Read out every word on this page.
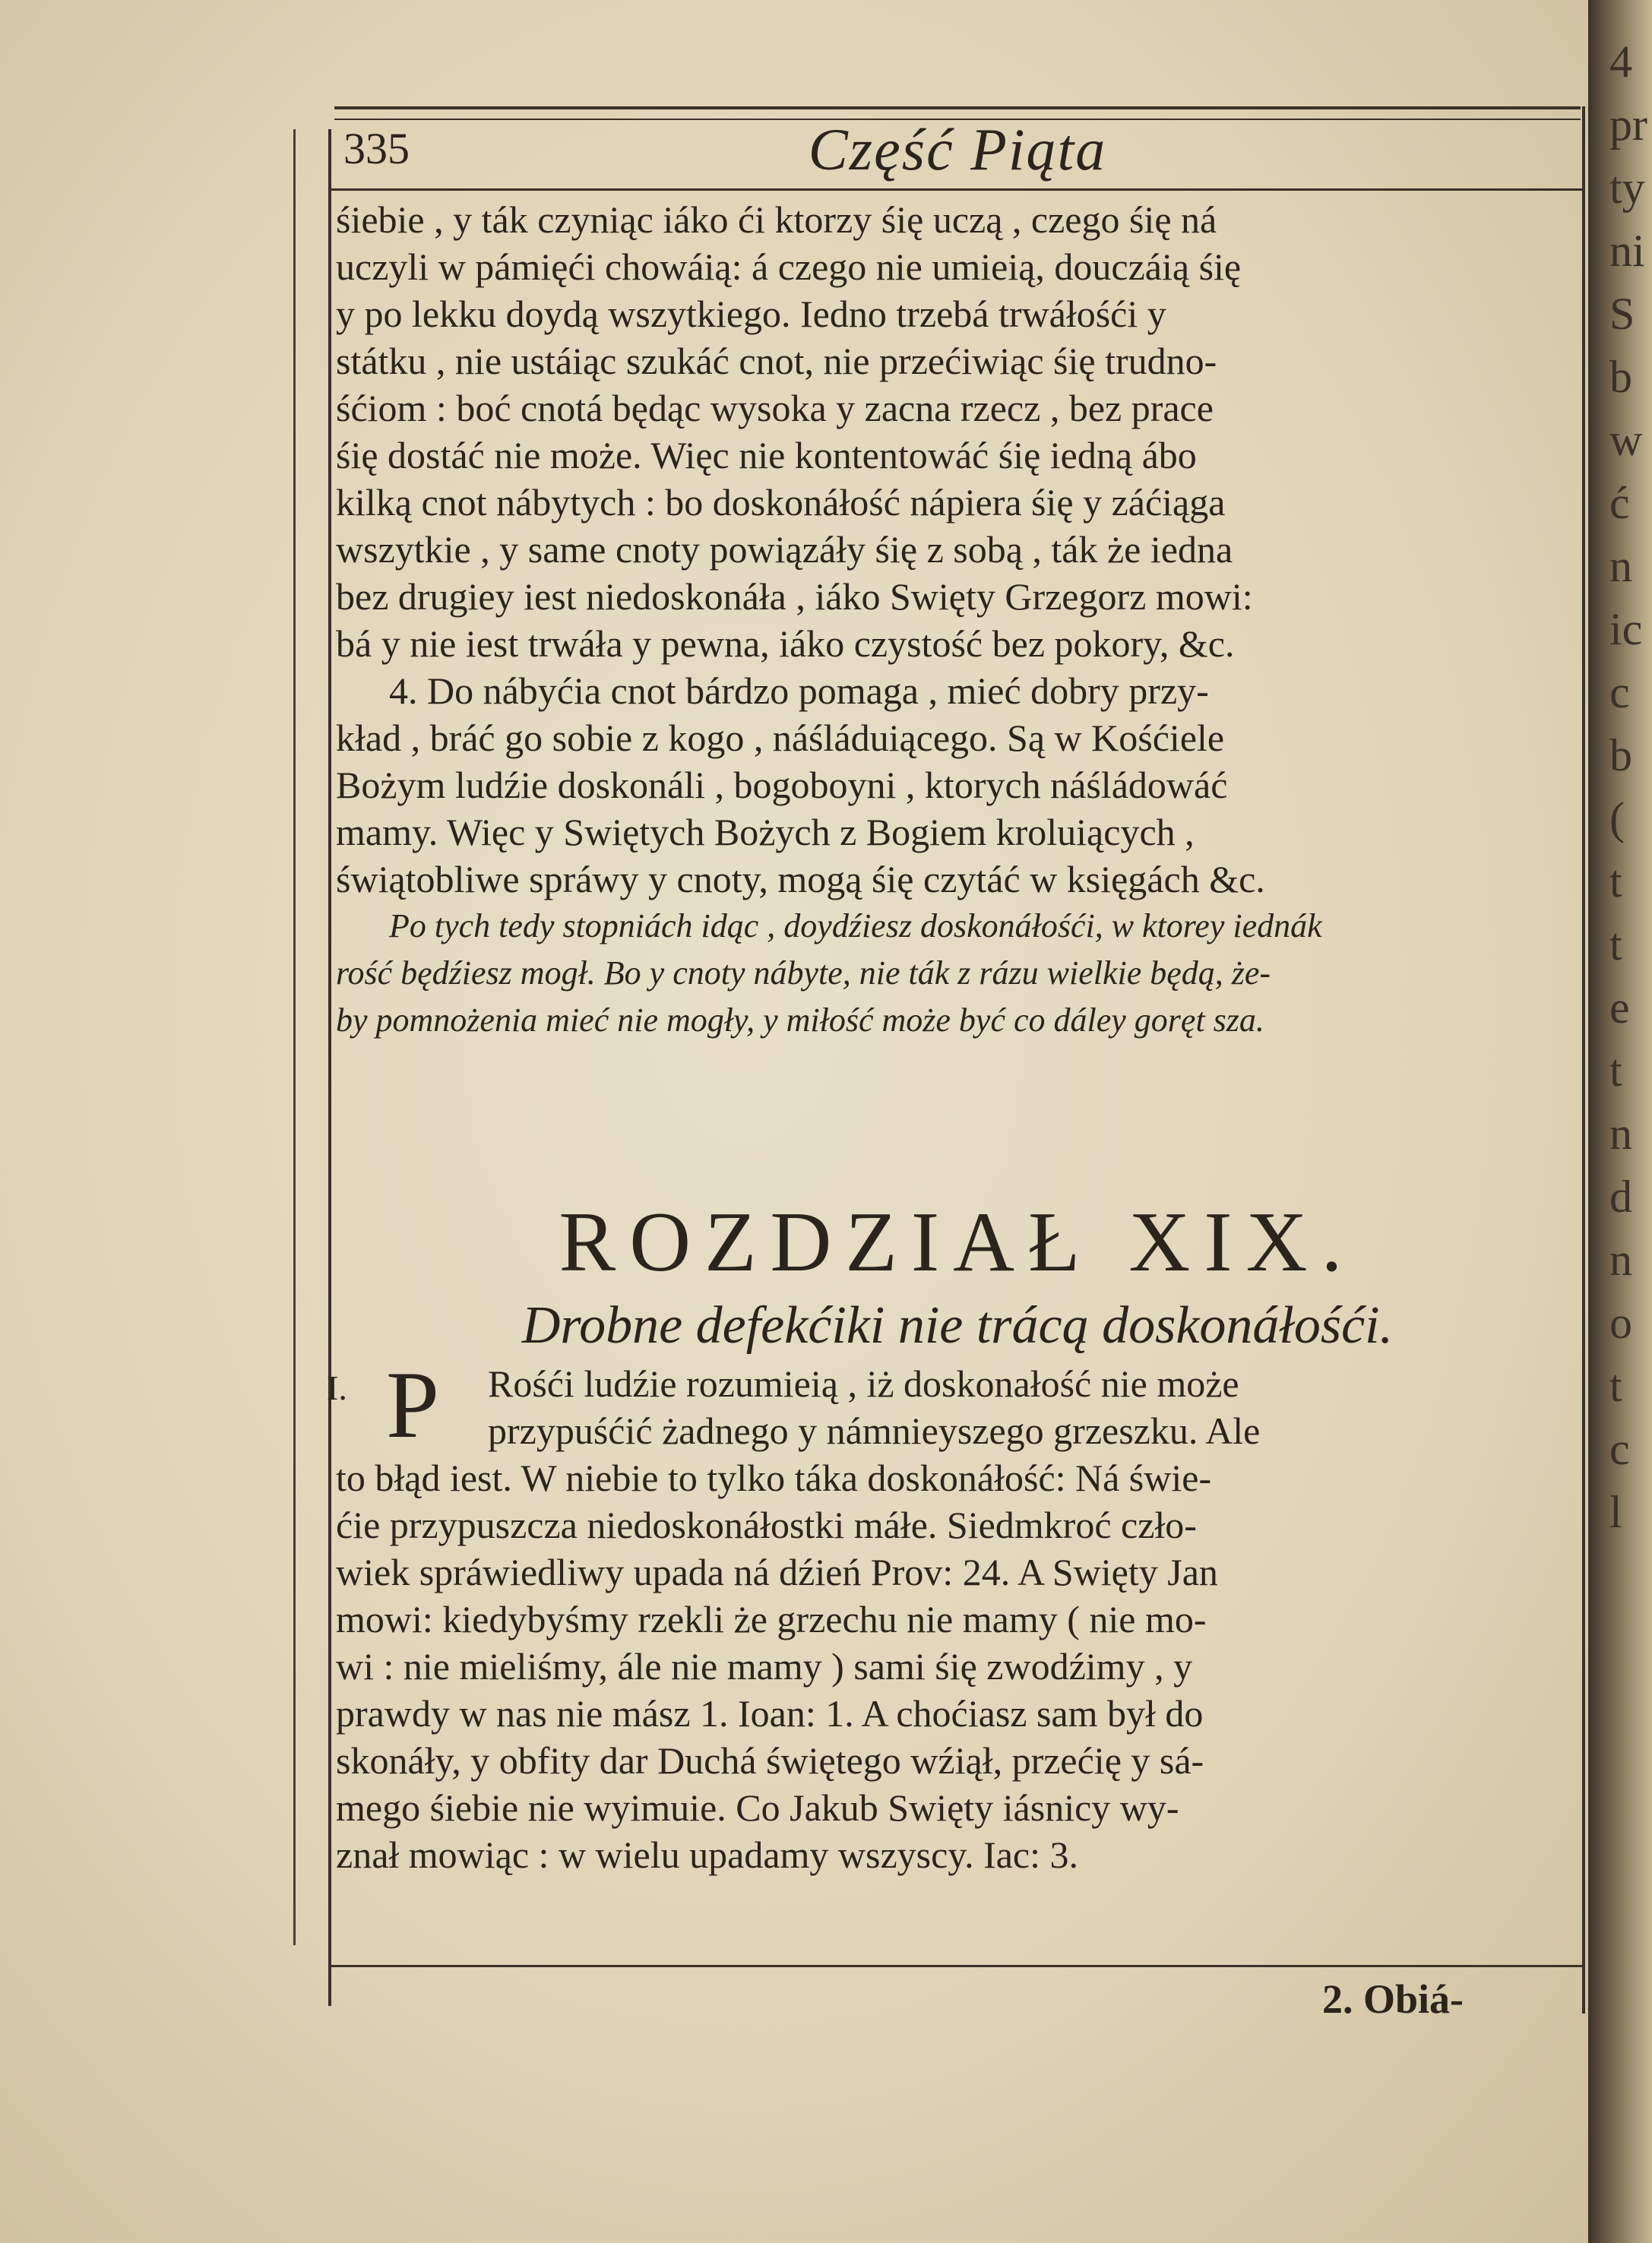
4
pr
ty
ni
S
b
w
ć
n
ic
c
b
(
t
t
e
t
n
d
n
o
t
c
l
335	Część Piąta
śiebie , y ták czyniąc iáko ći ktorzy śię uczą , czego śię ná
uczyli w pámięći chowáią: á czego nie umieią, douczáią śię
y po lekku doydą wszytkiego. Iedno trzebá trwáłośći y
státku , nie ustáiąc szukáć cnot, nie przećiwiąc śię trudno-
śćiom : boć cnotá będąc wysoka y zacna rzecz , bez prace
śię dostáć nie może. Więc nie kontentowáć śię iedną ábo
kilką cnot nábytych : bo doskonáłość nápiera śię y záćiąga
wszytkie , y same cnoty powiązáły śię z sobą , ták że iedna
bez drugiey iest niedoskonáła , iáko Swięty Grzegorz mowi:
bá y nie iest trwáła y pewna, iáko czystość bez pokory, &c.
4. Do nábyćia cnot bárdzo pomaga , mieć dobry przy-
kład , bráć go sobie z kogo , náśláduiącego. Są w Kośćiele
Bożym ludźie doskonáli , bogoboyni , ktorych náśládowáć
mamy. Więc y Swiętych Bożych z Bogiem kroluiących ,
świątobliwe spráwy y cnoty, mogą śię czytáć w księgách &c.
Po tych tedy stopniách idąc , doydźiesz doskonáłośći, w ktorey iednák
rość będźiesz mogł. Bo y cnoty nábyte, nie ták z rázu wielkie będą, że-
by pomnożenia mieć nie mogły, y miłość może być co dáley goręt sza.
ROZDZIAŁ XIX.
Drobne defekćiki nie trácą doskonáłośći.
I. P	Rośći ludźie rozumieią , iż doskonałość nie może
przypuśćić żadnego y námnieyszego grzeszku. Ale
to błąd iest. W niebie to tylko táka doskonáłość: Ná świe-
ćie przypuszcza niedoskonáłostki máłe. Siedmkroć czło-
wiek spráwiedliwy upada ná dźień Prov: 24. A Swięty Jan
mowi: kiedybyśmy rzekli że grzechu nie mamy ( nie mo-
wi : nie mieliśmy, ále nie mamy ) sami śię zwodźimy , y
prawdy w nas nie mász 1. Ioan: 1. A choćiasz sam był do
skonáły, y obfity dar Duchá świętego wźiął, przećię y sá-
mego śiebie nie wyimuie. Co Jakub Swięty iásnicy wy-
znał mowiąc : w wielu upadamy wszyscy. Iac: 3.
2. Obiá-
